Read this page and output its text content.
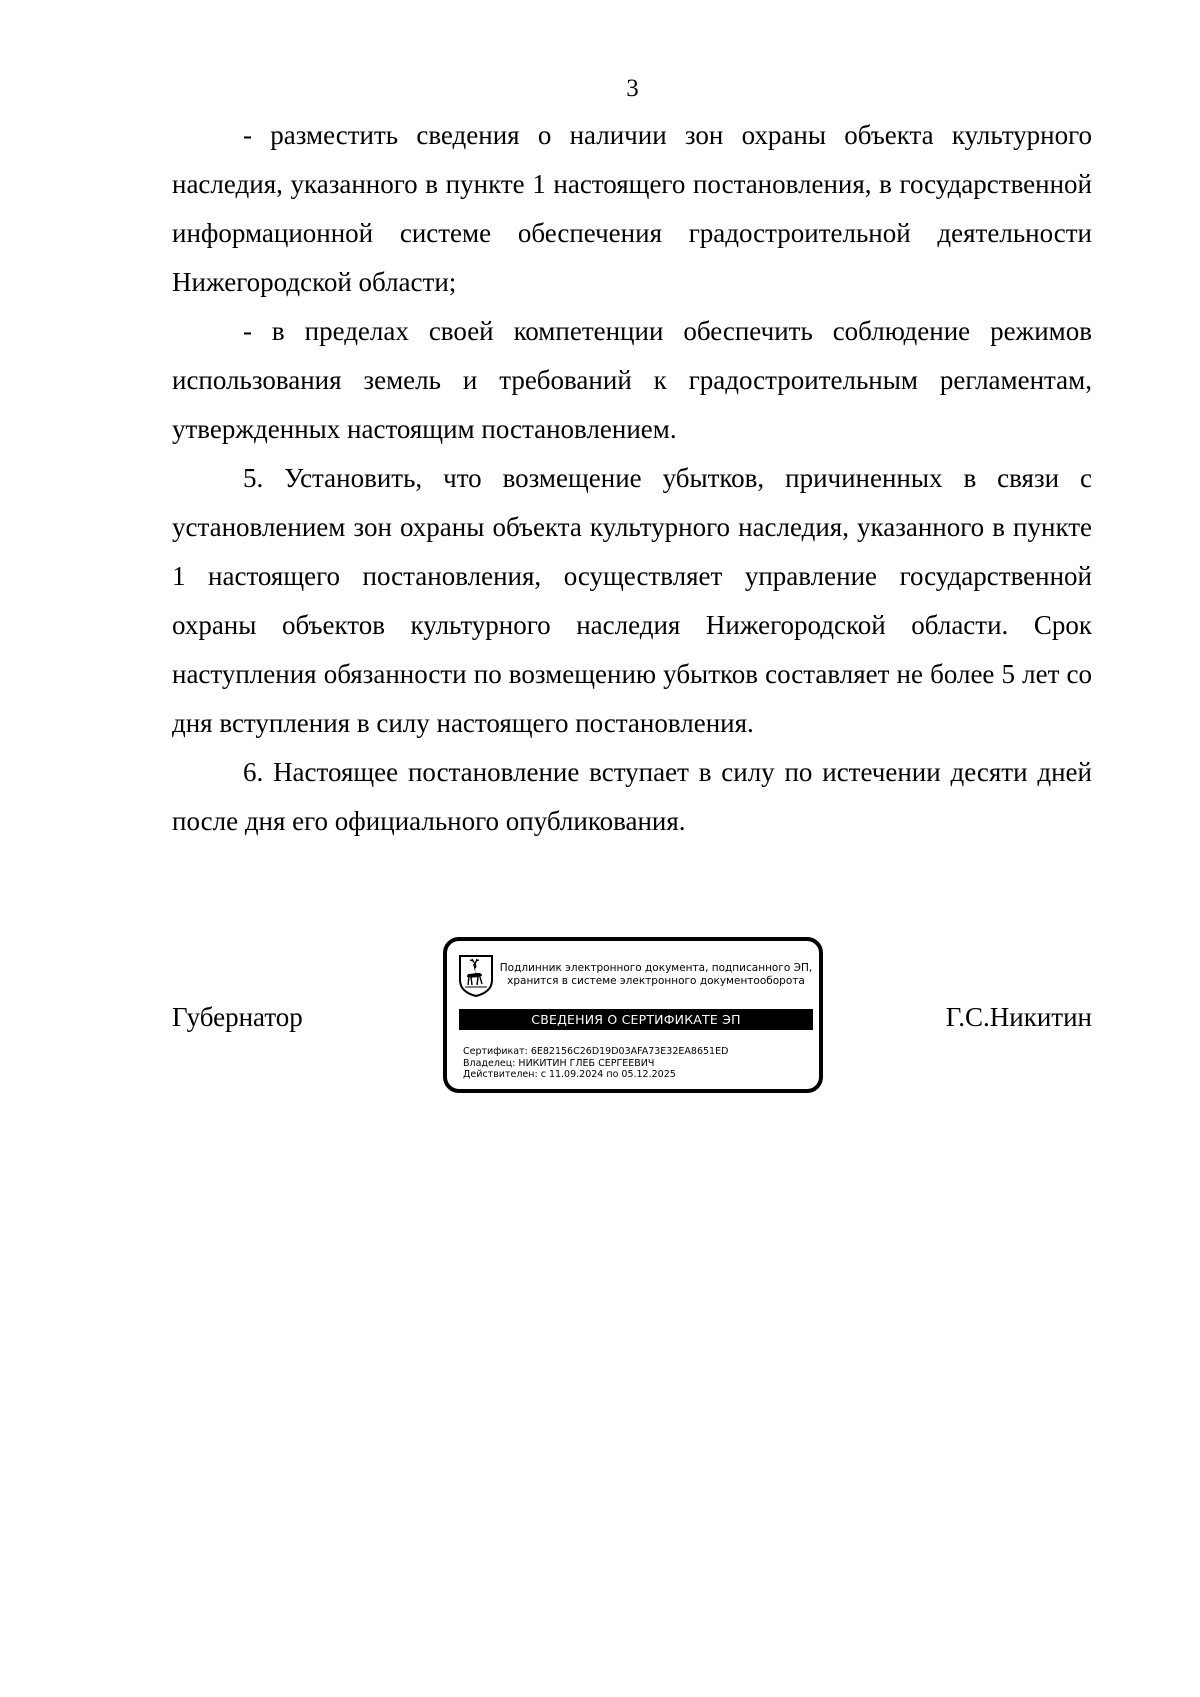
3

- разместить сведения о наличии зон охраны объекта культурного наследия, указанного в пункте 1 настоящего постановления, в государственной информационной системе обеспечения градостроительной деятельности Нижегородской области;

- в пределах своей компетенции обеспечить соблюдение режимов использования земель и требований к градостроительным регламентам, утвержденных настоящим постановлением.

5. Установить, что возмещение убытков, причиненных в связи с установлением зон охраны объекта культурного наследия, указанного в пункте 1 настоящего постановления, осуществляет управление государственной охраны объектов культурного наследия Нижегородской области. Срок наступления обязанности по возмещению убытков составляет не более 5 лет со дня вступления в силу настоящего постановления.

6. Настоящее постановление вступает в силу по истечении десяти дней после дня его официального опубликования.

Губернатор	Г.С.Никитин
Подлинник электронного документа, подписанного ЭП,
хранится в системе электронного документооборота
СВЕДЕНИЯ О СЕРТИФИКАТЕ ЭП
Сертификат: 6E82156C26D19D03AFA73E32EA8651ED
Владелец: НИКИТИН ГЛЕБ СЕРГЕЕВИЧ
Действителен: с 11.09.2024 по 05.12.2025
